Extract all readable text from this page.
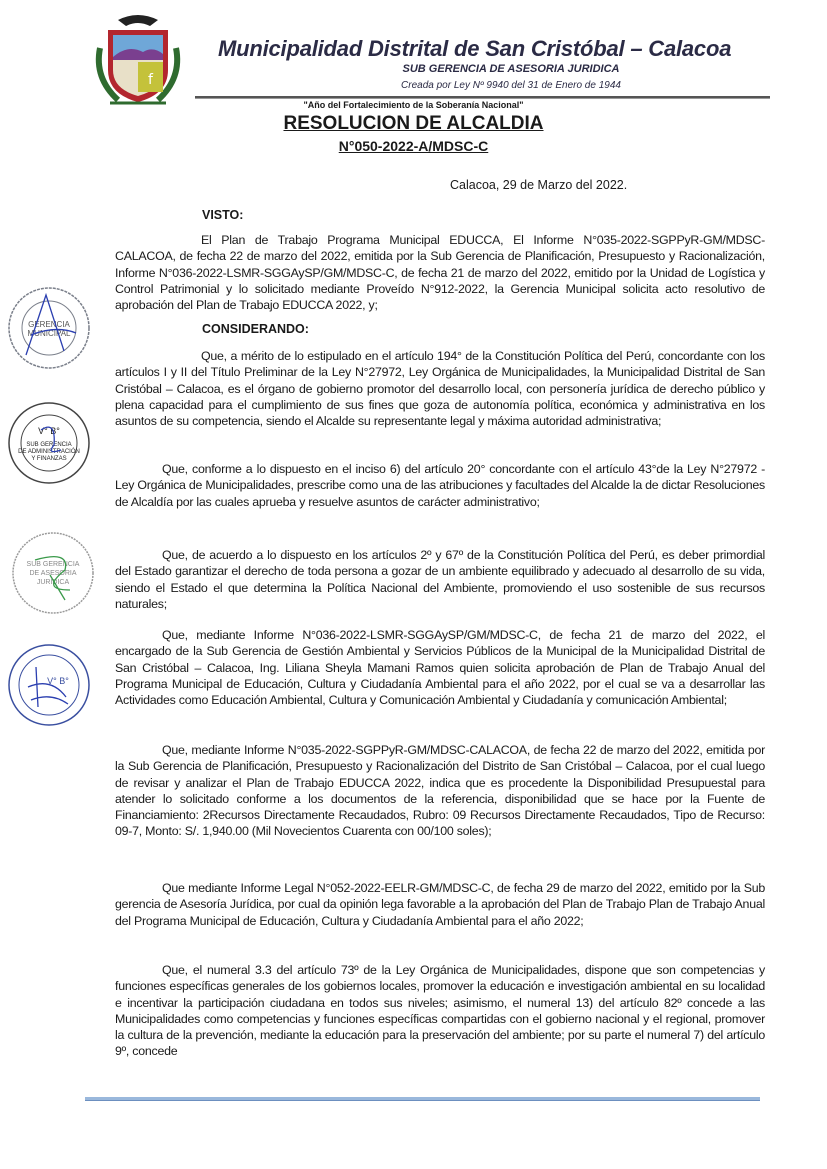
f
Municipalidad Distrital de San Cristóbal – Calacoa
SUB GERENCIA DE ASESORIA JURIDICA
Creada por Ley Nº 9940 del 31 de Enero de 1944
"Año del Fortalecimiento de la Soberanía Nacional"
RESOLUCION DE ALCALDIA
N°050-2022-A/MDSC-C
Calacoa, 29 de Marzo del 2022.
VISTO:

El Plan de Trabajo Programa Municipal EDUCCA, El Informe N°035-2022-SGPPyR-GM/MDSC-CALACOA, de fecha 22 de marzo del 2022, emitida por la Sub Gerencia de Planificación, Presupuesto y Racionalización, Informe N°036-2022-LSMR-SGGAySP/GM/MDSC-C, de fecha 21 de marzo del 2022, emitido por la Unidad de Logística y Control Patrimonial y lo solicitado mediante Proveído N°912-2022, la Gerencia Municipal solicita acto resolutivo de aprobación del Plan de Trabajo EDUCCA 2022, y;

CONSIDERANDO:

Que, a mérito de lo estipulado en el artículo 194° de la Constitución Política del Perú, concordante con los artículos I y II del Título Preliminar de la Ley N°27972, Ley Orgánica de Municipalidades, la Municipalidad Distrital de San Cristóbal – Calacoa, es el órgano de gobierno promotor del desarrollo local, con personería jurídica de derecho público y plena capacidad para el cumplimiento de sus fines que goza de autonomía política, económica y administrativa en los asuntos de su competencia, siendo el Alcalde su representante legal y máxima autoridad administrativa;

Que, conforme a lo dispuesto en el inciso 6) del artículo 20° concordante con el artículo 43°de la Ley N°27972 - Ley Orgánica de Municipalidades, prescribe como una de las atribuciones y facultades del Alcalde la de dictar Resoluciones de Alcaldía por las cuales aprueba y resuelve asuntos de carácter administrativo;

Que, de acuerdo a lo dispuesto en los artículos 2º y 67º de la Constitución Política del Perú, es deber primordial del Estado garantizar el derecho de toda persona a gozar de un ambiente equilibrado y adecuado al desarrollo de su vida, siendo el Estado el que determina la Política Nacional del Ambiente, promoviendo el uso sostenible de sus recursos naturales;

Que, mediante Informe N°036-2022-LSMR-SGGAySP/GM/MDSC-C, de fecha 21 de marzo del 2022, el encargado de la Sub Gerencia de Gestión Ambiental y Servicios Públicos de la Municipal de la Municipalidad Distrital de San Cristóbal – Calacoa, Ing. Liliana Sheyla Mamani Ramos quien solicita aprobación de Plan de Trabajo Anual del Programa Municipal de Educación, Cultura y Ciudadanía Ambiental para el año 2022, por el cual se va a desarrollar las Actividades como Educación Ambiental, Cultura y Comunicación Ambiental y Ciudadanía y comunicación Ambiental;

Que, mediante Informe N°035-2022-SGPPyR-GM/MDSC-CALACOA, de fecha 22 de marzo del 2022, emitida por la Sub Gerencia de Planificación, Presupuesto y Racionalización del Distrito de San Cristóbal – Calacoa, por el cual luego de revisar y analizar el Plan de Trabajo EDUCCA 2022, indica que es procedente la Disponibilidad Presupuestal para atender lo solicitado conforme a los documentos de la referencia, disponibilidad que se hace por la Fuente de Financiamiento: 2Recursos Directamente Recaudados, Rubro: 09 Recursos Directamente Recaudados, Tipo de Recurso: 09-7, Monto: S/. 1,940.00 (Mil Novecientos Cuarenta con 00/100 soles);

Que mediante Informe Legal N°052-2022-EELR-GM/MDSC-C, de fecha 29 de marzo del 2022, emitido por la Sub gerencia de Asesoría Jurídica, por cual da opinión lega favorable a la aprobación del Plan de Trabajo Plan de Trabajo Anual del Programa Municipal de Educación, Cultura y Ciudadanía Ambiental para el año 2022;

Que, el numeral 3.3 del artículo 73º de la Ley Orgánica de Municipalidades, dispone que son competencias y funciones específicas generales de los gobiernos locales, promover la educación e investigación ambiental en su localidad e incentivar la participación ciudadana en todos sus niveles; asimismo, el numeral 13) del artículo 82º concede a las Municipalidades como competencias y funciones específicas compartidas con el gobierno nacional y el regional, promover la cultura de la prevención, mediante la educación para la preservación del ambiente; por su parte el numeral 7) del artículo 9º, concede

GERENCIA
MUNICIPAL
V° B°
SUB GERENCIA
DE ADMINISTRACIÓN
Y FINANZAS
SUB GERENCIA
DE ASESORIA
JURIDICA
V° B°
